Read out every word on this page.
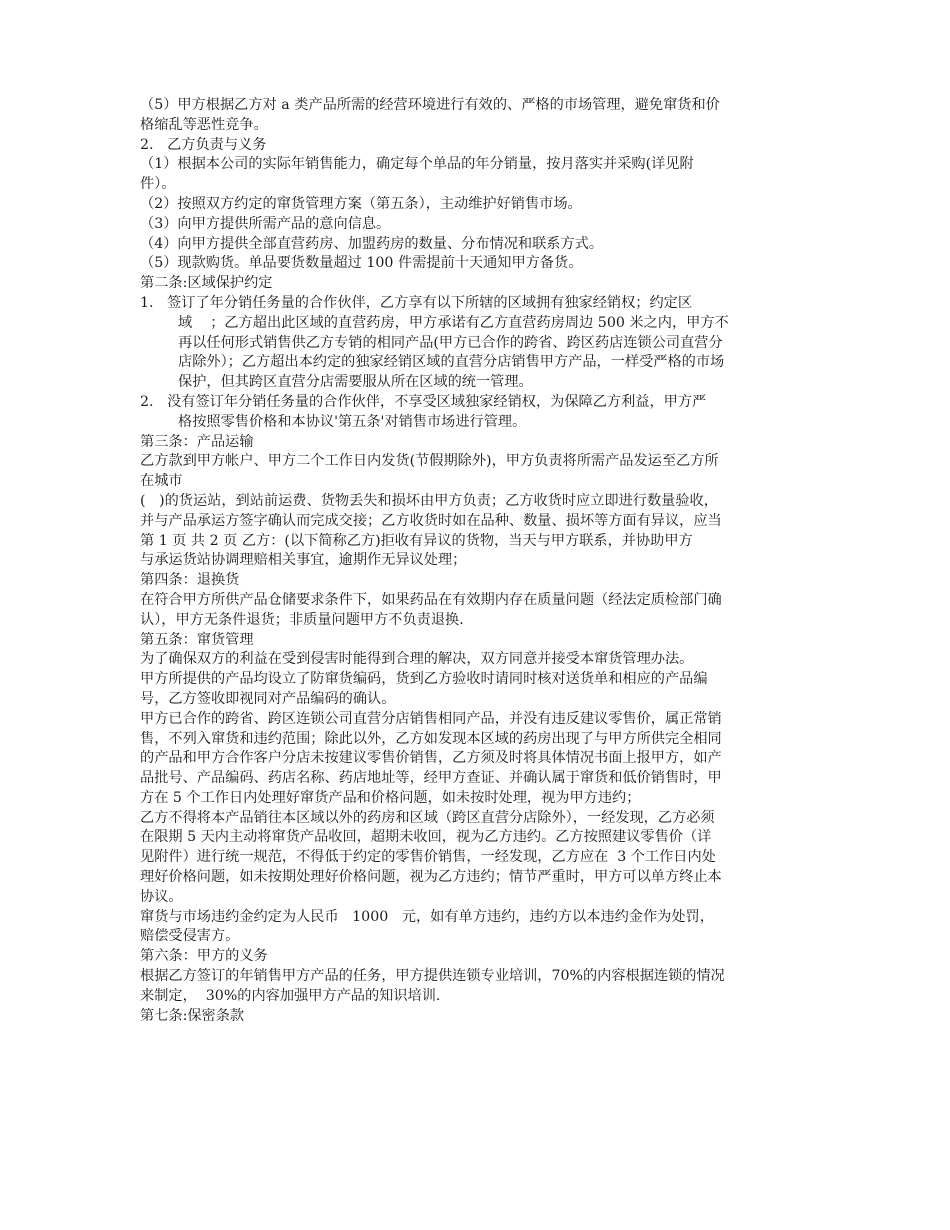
（5）甲方根据乙方对 a 类产品所需的经营环境进行有效的、严格的市场管理，避免窜货和价
格缩乱等恶性竞争。
2.   乙方负责与义务
（1）根据本公司的实际年销售能力，确定每个单品的年分销量，按月落实并采购(详见附
件）。
（2）按照双方约定的窜货管理方案（第五条），主动维护好销售市场。
（3）向甲方提供所需产品的意向信息。
（4）向甲方提供全部直营药房、加盟药房的数量、分布情况和联系方式。
（5）现款购货。单品要货数量超过 100 件需提前十天通知甲方备货。
第二条:区域保护约定
1.   签订了年分销任务量的合作伙伴，乙方享有以下所辖的区域拥有独家经销权；约定区
域    ；乙方超出此区域的直营药房，甲方承诺有乙方直营药房周边 500 米之内，甲方不
再以任何形式销售供乙方专销的相同产品(甲方已合作的跨省、跨区药店连锁公司直营分
店除外）；乙方超出本约定的独家经销区域的直营分店销售甲方产品，一样受严格的市场
保护，但其跨区直营分店需要服从所在区域的统一管理。
2.   没有签订年分销任务量的合作伙伴，不享受区域独家经销权，为保障乙方利益，甲方严
格按照零售价格和本协议'第五条'对销售市场进行管理。
第三条：产品运输
乙方款到甲方帐户、甲方二个工作日内发货(节假期除外)，甲方负责将所需产品发运至乙方所
在城市
(   )的货运站，到站前运费、货物丢失和损坏由甲方负责；乙方收货时应立即进行数量验收，
并与产品承运方签字确认而完成交接；乙方收货时如在品种、数量、损坏等方面有异议，应当
第 1 页 共 2 页 乙方：(以下简称乙方)拒收有异议的货物，当天与甲方联系，并协助甲方
与承运货站协调理赔相关事宜，逾期作无异议处理；
第四条：退换货
在符合甲方所供产品仓储要求条件下，如果药品在有效期内存在质量问题（经法定质检部门确
认），甲方无条件退货；非质量问题甲方不负责退换.
第五条：窜货管理
为了确保双方的利益在受到侵害时能得到合理的解决，双方同意并接受本窜货管理办法。
甲方所提供的产品均设立了防窜货编码，货到乙方验收时请同时核对送货单和相应的产品编
号，乙方签收即视同对产品编码的确认。
甲方已合作的跨省、跨区连锁公司直营分店销售相同产品，并没有违反建议零售价，属正常销
售，不列入窜货和违约范围；除此以外，乙方如发现本区域的药房出现了与甲方所供完全相同
的产品和甲方合作客户分店未按建议零售价销售，乙方须及时将具体情况书面上报甲方，如产
品批号、产品编码、药店名称、药店地址等，经甲方查证、并确认属于窜货和低价销售时，甲
方在 5 个工作日内处理好窜货产品和价格问题，如未按时处理，视为甲方违约；
乙方不得将本产品销往本区域以外的药房和区域（跨区直营分店除外），一经发现，乙方必须
在限期 5 天内主动将窜货产品收回，超期未收回，视为乙方违约。乙方按照建议零售价（详
见附件）进行统一规范，不得低于约定的零售价销售，一经发现，乙方应在  3 个工作日内处
理好价格问题，如未按期处理好价格问题，视为乙方违约；情节严重时，甲方可以单方终止本
协议。
窜货与市场违约金约定为人民币   1000   元，如有单方违约，违约方以本违约金作为处罚，
赔偿受侵害方。
第六条：甲方的义务
根据乙方签订的年销售甲方产品的任务，甲方提供连锁专业培训，70%的内容根据连锁的情况
来制定，  30%的内容加强甲方产品的知识培训.
第七条:保密条款
